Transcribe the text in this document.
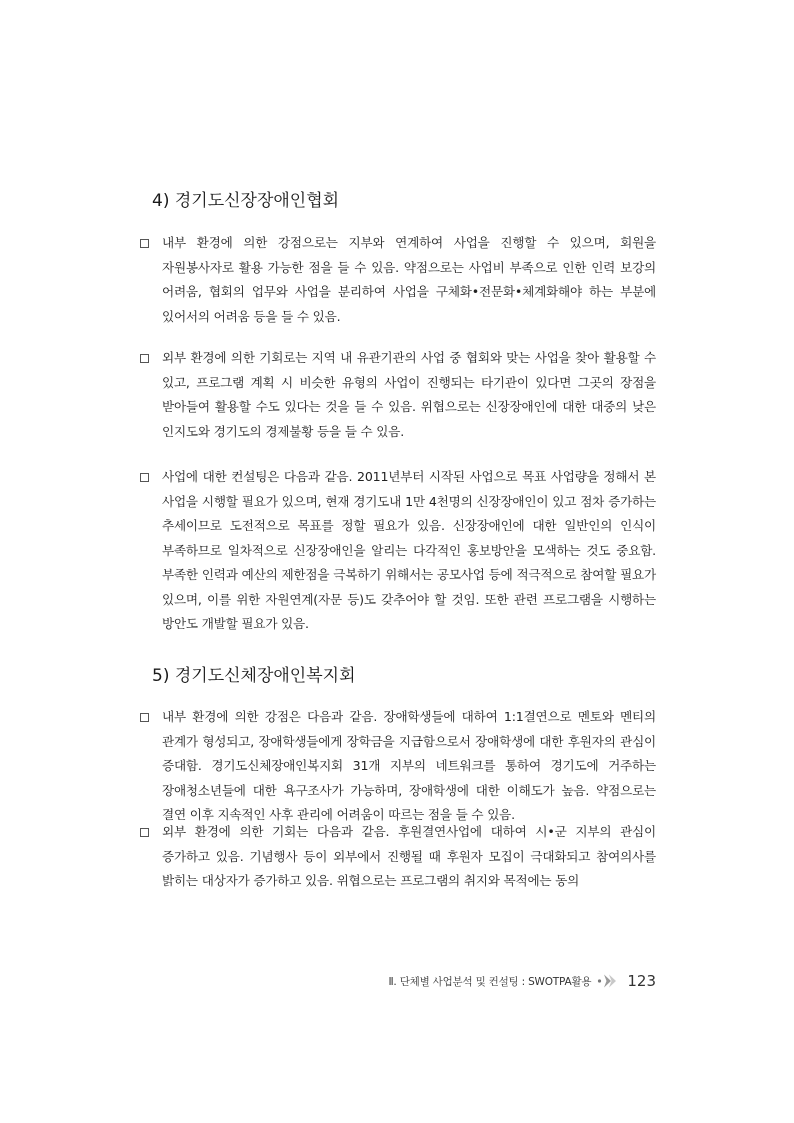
4) 경기도신장장애인협회
내부 환경에 의한 강점으로는 지부와 연계하여 사업을 진행할 수 있으며, 회원을 자원봉사자로 활용 가능한 점을 들 수 있음. 약점으로는 사업비 부족으로 인한 인력 보강의 어려움, 협회의 업무와 사업을 분리하여 사업을 구체화•전문화•체계화해야 하는 부분에 있어서의 어려움 등을 들 수 있음.
외부 환경에 의한 기회로는 지역 내 유관기관의 사업 중 협회와 맞는 사업을 찾아 활용할 수 있고, 프로그램 계획 시 비슷한 유형의 사업이 진행되는 타기관이 있다면 그곳의 장점을 받아들여 활용할 수도 있다는 것을 들 수 있음. 위협으로는 신장장애인에 대한 대중의 낮은 인지도와 경기도의 경제불황 등을 들 수 있음.
사업에 대한 컨설팅은 다음과 같음. 2011년부터 시작된 사업으로 목표 사업량을 정해서 본 사업을 시행할 필요가 있으며, 현재 경기도내 1만 4천명의 신장장애인이 있고 점차 증가하는 추세이므로 도전적으로 목표를 정할 필요가 있음. 신장장애인에 대한 일반인의 인식이 부족하므로 일차적으로 신장장애인을 알리는 다각적인 홍보방안을 모색하는 것도 중요함. 부족한 인력과 예산의 제한점을 극복하기 위해서는 공모사업 등에 적극적으로 참여할 필요가 있으며, 이를 위한 자원연계(자문 등)도 갖추어야 할 것임. 또한 관련 프로그램을 시행하는 방안도 개발할 필요가 있음.
5) 경기도신체장애인복지회
내부 환경에 의한 강점은 다음과 같음. 장애학생들에 대하여 1:1결연으로 멘토와 멘티의 관계가 형성되고, 장애학생들에게 장학금을 지급함으로서 장애학생에 대한 후원자의 관심이 증대함. 경기도신체장애인복지회 31개 지부의 네트워크를 통하여 경기도에 거주하는 장애청소년들에 대한 욕구조사가 가능하며, 장애학생에 대한 이해도가 높음. 약점으로는 결연 이후 지속적인 사후 관리에 어려움이 따르는 점을 들 수 있음.
외부 환경에 의한 기회는 다음과 같음. 후원결연사업에 대하여 시•군 지부의 관심이 증가하고 있음. 기념행사 등이 외부에서 진행될 때 후원자 모집이 극대화되고 참여의사를 밝히는 대상자가 증가하고 있음. 위협으로는 프로그램의 취지와 목적에는 동의
Ⅱ. 단체별 사업분석 및 컨설팅 : SWOTPA활용 123
